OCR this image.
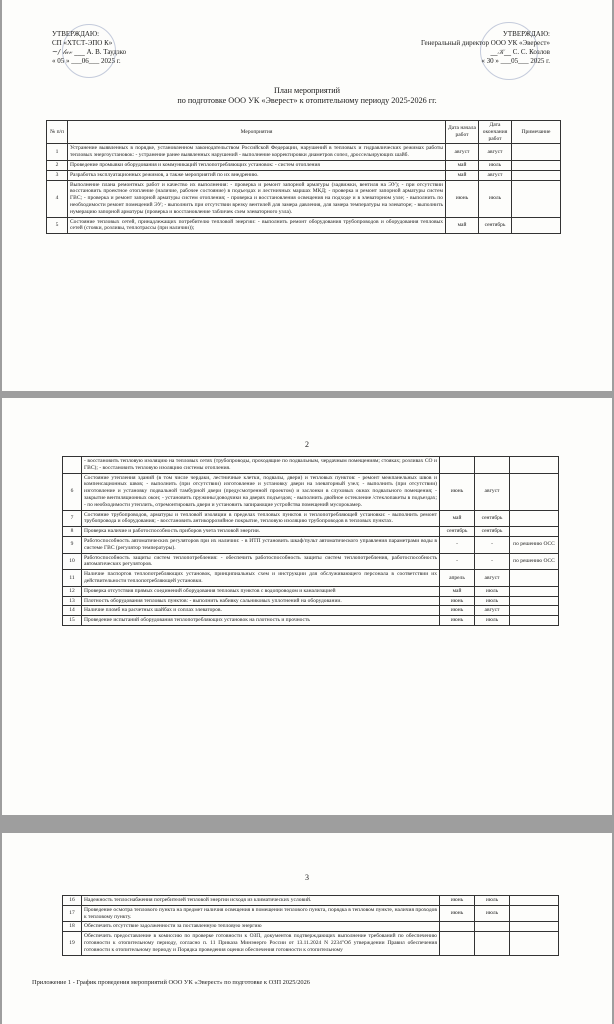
УТВЕРЖДАЮ:
СП «ХТСТ-ЭПО К»
~/ 𝓁𝒶𝓋 ___ А. В. Таудзко
« 05 » ___06___ 2025 г.
УТВЕРЖДАЮ:
Генеральный директор ООО УК «Эверест»
__𝒦__ С. С. Козлов
« 30 » ___05___ 2025 г.
План мероприятий
по подготовке ООО УК «Эверест» к отопительному периоду 2025-2026 гг.
№ п/п	Мероприятия	Дата начала работ	Дата окончания работ	Примечание
1	Устранение выявленных в порядке, установленном законодательством Российской Федерации, нарушений в тепловых и гидравлических режимах работы тепловых энергоустановок: - устранение ранее выявленных нарушений - выполнение корректировки диаметров сопел, дроссельирующих шайб.	август	август	
2	Проведение промывки оборудования и коммуникаций теплопотребляющих установок: - систем отопления	май	июль	
3	Разработка эксплуатационных режимов, а также мероприятий по их внедрению.	май	август	
4	Выполнение плана ремонтных работ и качество их выполнения: - проверка и ремонт запорной арматуры (задвижки, вентиля на ЭУ); - при отсутствии восстановить проектное отопление (наличие, рабочее состояние) в подъездах и лестничных маршах МКД; - проверка и ремонт запорной арматуры систем ГВС; - проверка и ремонт запорной арматуры систем отопления; - проверка и восстановления освещения на подходе и в элеваторном узле; - выполнить по необходимости ремонт помещений ЭУ; - выполнить при отсутствии врезку вентилей для замера давления, для замера температуры на элеваторе; - выполнить нумерацию запорной арматуры (проверка и восстановление табличек схем элеваторного узла).	июнь	июль	
5	Состояние тепловых сетей, принадлежащих потребителю тепловой энергии: - выполнить ремонт оборудования трубопроводов и оборудования тепловых сетей (стояки, розливы, теплотрассы (при наличии));	май	сентябрь	
2
	- восстановить тепловую изоляцию на тепловых сетях (трубопроводы, проходящие по подвальным, чердачным помещениям; стояках; розливах СО и ГВС); - восстановить тепловую изоляцию системы отопления.			
6	Состояние утепления зданий (в том числе чердаки, лестничные клетки, подвалы, двери) и тепловых пунктов: - ремонт межпанельных швов и компенсационных швов; - выполнить (при отсутствии) изготовление и установку двери на элеваторный узел; - выполнить (при отсутствии) изготовление и установку подвальной тамбурной двери (предусмотренной проектом) и заслонки в слуховых окнах подвального помещения; - закрытие вентиляционных окон; - установить пружины/доводчики на дверях подъездов; - выполнить двойное остекление /стеклопакеты в подъездах; - по необходимости утеплить, отремонтировать двери и установить запирающие устройства помещений мусорокамер.	июнь	август	
7	Состояние трубопроводов, арматуры и тепловой изоляции в пределах тепловых пунктов и теплопотребляющей установки: - выполнить ремонт трубопровода и оборудования; - восстановить антикоррозийное покрытие, тепловую изоляцию трубопроводов в тепловых пунктах.	май	сентябрь	
8	Проверка наличие и работоспособность приборов учета тепловой энергии.	сентябрь	сентябрь	
9	Работоспособность автоматических регуляторов при их наличии: - в ИТП установить шкаф/пульт автоматического управления параметрами воды в системе ГВС (регулятор температуры).	-	-	по решению ОСС
10	Работоспособность защиты систем теплопотребления: - обеспечить работоспособность защиты систем теплопотребления, работоспособность автоматических регуляторов.	-	-	по решению ОСС
11	Наличие паспортов теплопотребляющих установок, принципиальных схем и инструкции для обслуживающего персонала в соответствии их действительности теплопотребляющей установки.	апрель	август	
12	Проверка отсутствия прямых соединений оборудования тепловых пунктов с водопроводом и канализацией	май	июль	
13	Плотность оборудования тепловых пунктов: - выполнить набивку сальниковых уплотнений на оборудовании.	июнь	июль	
14	Наличие пломб на расчетных шайбах и соплах элеваторов.	июнь	август	
15	Проведение испытаний оборудования теплопотребляющих установок на плотность и прочность	июнь	июль	
3
16	Надежность теплоснабжения потребителей тепловой энергии исходя из климатических условий.	июнь	июль	
17	Проведение осмотра теплового пункта на предмет наличия освещения в помещении теплового пункта, порядка в тепловом пункте, наличия проходов к тепловому пункту.	июнь	июль	
18	Обеспечить отсутствие задолженности за поставленную тепловую энергию			
19	Обеспечить предоставление в комиссию по проверке готовности к ОЗП, документов подтверждающих выполнение требований по обеспечению готовности к отопительному периоду, согласно п. 11 Приказа Минэнерго России от 13.11.2024 N 2234"Об утверждении Правил обеспечения готовности к отопительному периоду и Порядка проведения оценки обеспечения готовности к отопительному			
Приложение 1 - График проведения мероприятий ООО УК «Эверест» по подготовке к ОЗП 2025/2026
